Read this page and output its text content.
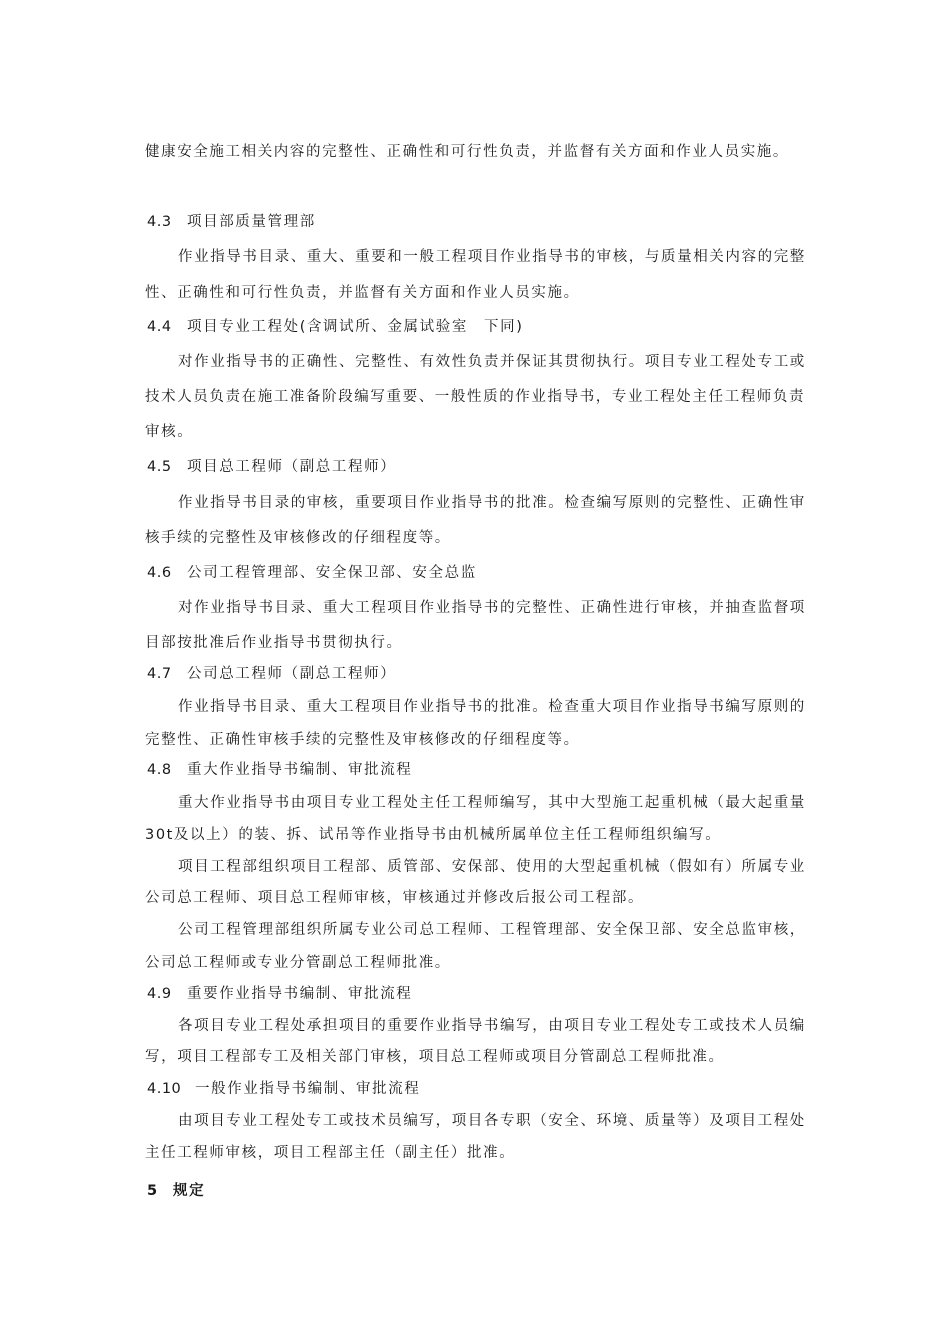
健康安全施工相关内容的完整性、正确性和可行性负责，并监督有关方面和作业人员实施。
4.3 项目部质量管理部
作业指导书目录、重大、重要和一般工程项目作业指导书的审核，与质量相关内容的完整
性、正确性和可行性负责，并监督有关方面和作业人员实施。
4.4 项目专业工程处(含调试所、金属试验室　下同)
对作业指导书的正确性、完整性、有效性负责并保证其贯彻执行。项目专业工程处专工或
技术人员负责在施工准备阶段编写重要、一般性质的作业指导书，专业工程处主任工程师负责
审核。
4.5 项目总工程师（副总工程师）
作业指导书目录的审核，重要项目作业指导书的批准。检查编写原则的完整性、正确性审
核手续的完整性及审核修改的仔细程度等。
4.6 公司工程管理部、安全保卫部、安全总监
对作业指导书目录、重大工程项目作业指导书的完整性、正确性进行审核，并抽查监督项
目部按批准后作业指导书贯彻执行。
4.7 公司总工程师（副总工程师）
作业指导书目录、重大工程项目作业指导书的批准。检查重大项目作业指导书编写原则的
完整性、正确性审核手续的完整性及审核修改的仔细程度等。
4.8 重大作业指导书编制、审批流程
重大作业指导书由项目专业工程处主任工程师编写，其中大型施工起重机械（最大起重量
30t及以上）的装、拆、试吊等作业指导书由机械所属单位主任工程师组织编写。
项目工程部组织项目工程部、质管部、安保部、使用的大型起重机械（假如有）所属专业
公司总工程师、项目总工程师审核，审核通过并修改后报公司工程部。
公司工程管理部组织所属专业公司总工程师、工程管理部、安全保卫部、安全总监审核，
公司总工程师或专业分管副总工程师批准。
4.9 重要作业指导书编制、审批流程
各项目专业工程处承担项目的重要作业指导书编写，由项目专业工程处专工或技术人员编
写，项目工程部专工及相关部门审核，项目总工程师或项目分管副总工程师批准。
4.10 一般作业指导书编制、审批流程
由项目专业工程处专工或技术员编写，项目各专职（安全、环境、质量等）及项目工程处
主任工程师审核，项目工程部主任（副主任）批准。
5 规定
